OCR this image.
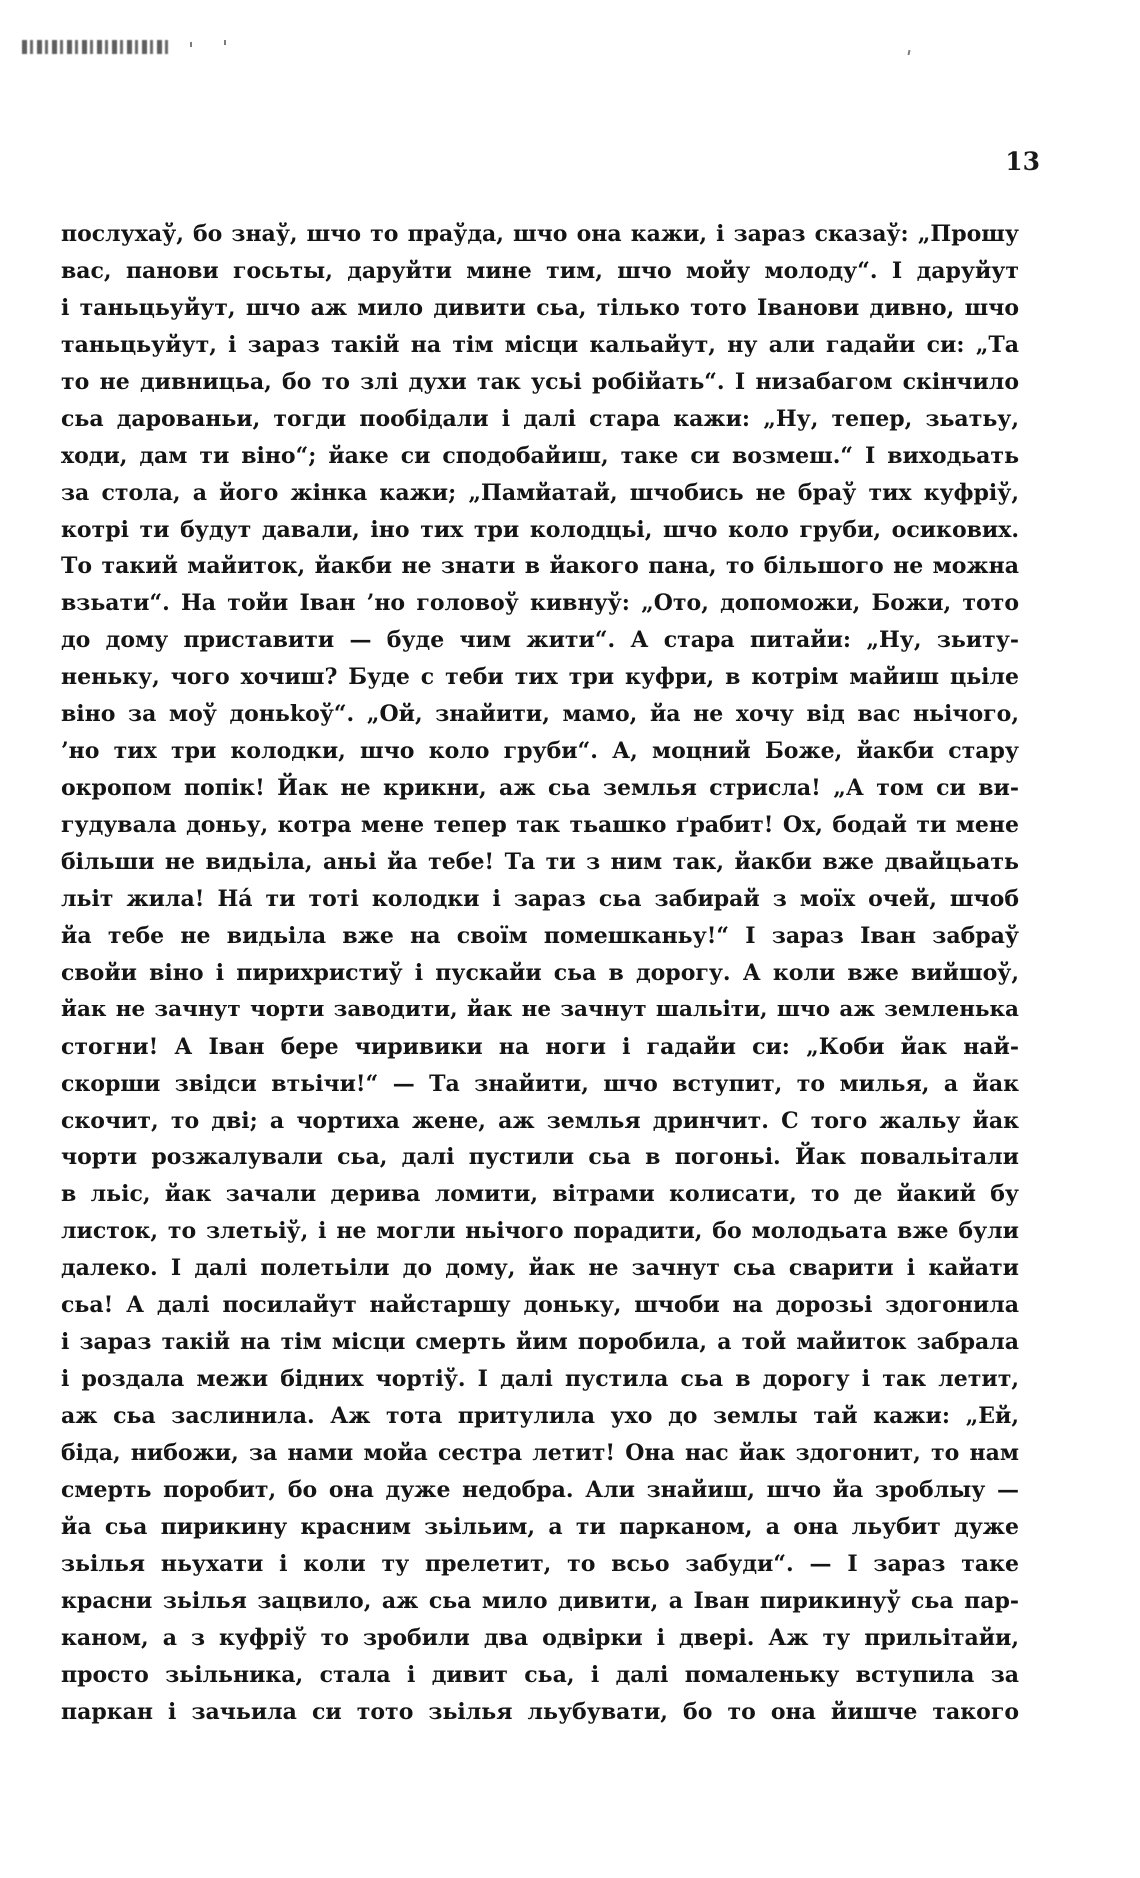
13
послухаў, бо знаў, шчо то праўда, шчо она кажи, і зараз сказаў: „Прошу
вас, панови госьты, даруйти мине тим, шчо мойу молоду“. І даруйут
і таньцьуйут, шчо аж мило дивити сьа, тілько тото Іванови дивно, шчо
таньцьуйут, і зараз такій на тім місци кальайут, ну али гадайи си: „Та
то не дивницьа, бо то злі духи так усьі робійать“. І низабагом скінчило
сьа дарованьи, тогди пообідали і далі стара кажи: „Ну, тепер, зьатьу,
ходи, дам ти віно“; йаке си сподобайиш, таке си возмеш.“ І виходьать
за стола, а його жінка кажи; „Памйатай, шчобись не браў тих куфріў,
котрі ти будут давали, іно тих три колодцьі, шчо коло груби, осикових.
То такий майиток, йакби не знати в йакого пана, то більшого не можна
взьати“. На тойи Іван ’но головоў кивнуў: „Ото, допоможи, Божи, тото
до дому приставити — буде чим жити“. А стара питайи: „Ну, зьиту-
неньку, чого хочиш? Буде с теби тих три куфри, в котрім майиш цьіле
віно за моў доньkoў“. „Ой, знайити, мамо, йа не хочу від вас ньічого,
’но тих три колодки, шчо коло груби“. А, моцний Боже, йакби стару
окропом попік! Йак не крикни, аж сьа землья стрисла! „А том си ви-
гудувала доньу, котра мене тепер так тьашко ґрабит! Ох, бодай ти мене
більши не видьіла, аньі йа тебе! Та ти з ним так, йакби вже двайцьать
льіт жила! На́ ти тоті колодки і зараз сьа забирай з моїх очей, шчоб
йа тебе не видьіла вже на своїм помешканьу!“ І зараз Іван забраў
свойи віно і пирихристиў і пускайи сьа в дорогу. А коли вже вийшоў,
йак не зачнут чорти заводити, йак не зачнут шальіти, шчо аж земленька
стогни! А Іван бере чиривики на ноги і гадайи си: „Коби йак най-
скорши звідси втьічи!“ — Та знайити, шчо вступит, то милья, а йак
скочит, то дві; а чортиха жене, аж землья дринчит. С того жальу йак
чорти розжалували сьа, далі пустили сьа в погоньі. Йак повальітали
в льіс, йак зачали дерива ломити, вітрами колисати, то де йакий бу
листок, то злетьіў, і не могли ньічого порадити, бо молодьата вже були
далеко. І далі полетьіли до дому, йак не зачнут сьа сварити і кайати
сьа! А далі посилайут найстаршу доньку, шчоби на дорозьі здогонила
і зараз такій на тім місци смерть йим поробила, а той майиток забрала
і роздала межи бідних чортіў. І далі пустила сьа в дорогу і так летит,
аж сьа заслинила. Аж тота притулила ухо до землы тай кажи: „Ей,
біда, нибожи, за нами мойа сестра летит! Она нас йак здогонит, то нам
смерть поробит, бо она дуже недобра. Али знайиш, шчо йа зроблыу —
йа сьа пирикину красним зьільим, а ти парканом, а она льубит дуже
зьілья ньухати і коли ту прелетит, то всьо забуди“. — І зараз таке
красни зьілья зацвило, аж сьа мило дивити, а Іван пирикинуў сьа пар-
каном, а з куфріў то зробили два одвірки і двері. Аж ту прильітайи,
просто зьільника, стала і дивит сьа, і далі помаленьку вступила за
паркан і зачьила си тото зьілья льубувати, бо то она йишче такого
